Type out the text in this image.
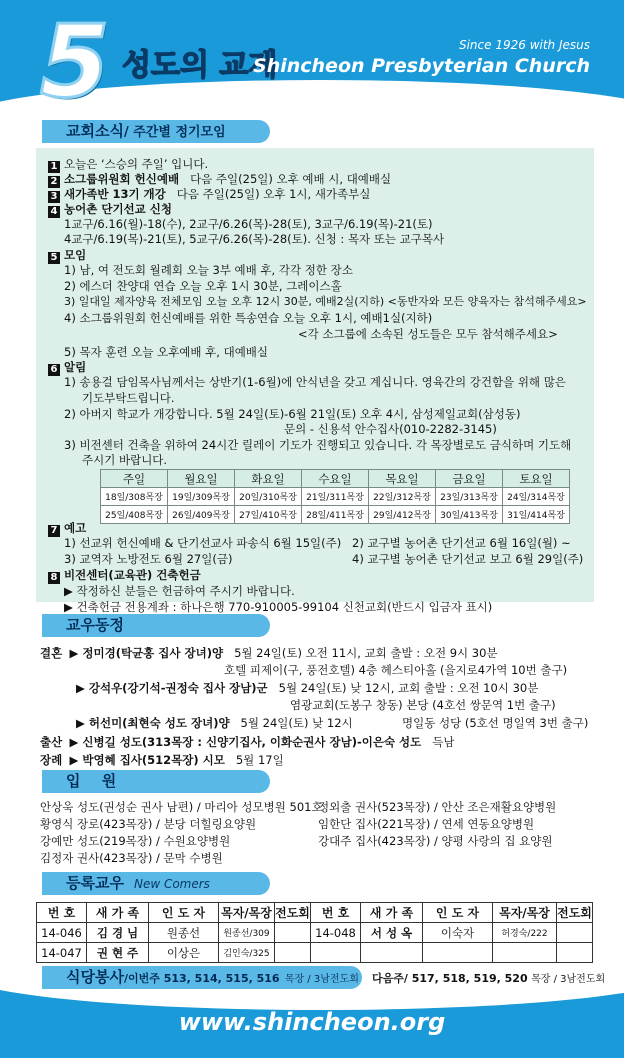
5 성도의 교제
Since 1926 with Jesus
Shincheon Presbyterian Church
교회소식/ 주간별 정기모임
1 오늘은 ‘스승의 주일’ 입니다.
2 소그룹위원회 헌신예배 다음 주일(25일) 오후 예배 시, 대예배실
3 새가족반 13기 개강 다음 주일(25일) 오후 1시, 새가족부실
4 농어촌 단기선교 신청
1교구/6.16(월)-18(수), 2교구/6.26(목)-28(토), 3교구/6.19(목)-21(토)
4교구/6.19(목)-21(토), 5교구/6.26(목)-28(토). 신청 : 목자 또는 교구목사
5 모임
1) 남, 여 전도회 월례회 오늘 3부 예배 후, 각각 정한 장소
2) 에스더 찬양대 연습 오늘 오후 1시 30분, 그레이스홀
3) 일대일 제자양육 전체모임 오늘 오후 12시 30분, 예배2실(지하) <동반자와 모든 양육자는 참석해주세요>
4) 소그룹위원회 헌신예배를 위한 특송연습 오늘 오후 1시, 예배1실(지하)
<각 소그룹에 소속된 성도들은 모두 참석해주세요>
5) 목자 훈련 오늘 오후예배 후, 대예배실
6 알림
1) 송용걸 담임목사님께서는 상반기(1-6월)에 안식년을 갖고 계십니다. 영육간의 강건함을 위해 많은
기도부탁드립니다.
2) 아버지 학교가 개강합니다. 5월 24일(토)-6월 21일(토) 오후 4시, 삼성제일교회(삼성동)
문의 - 신용석 안수집사(010-2282-3145)
3) 비전센터 건축을 위하여 24시간 릴레이 기도가 진행되고 있습니다. 각 목장별로도 금식하며 기도해
주시기 바랍니다.
주일	월요일	화요일	수요일	목요일	금요일	토요일
18일/308목장	19일/309목장	20일/310목장	21일/311목장	22일/312목장	23일/313목장	24일/314목장
25일/408목장	26일/409목장	27일/410목장	28일/411목장	29일/412목장	30일/413목장	31일/414목장
7 예고
1) 선교위 헌신예배 & 단기선교사 파송식 6월 15일(주) 2) 교구별 농어촌 단기선교 6월 16일(월) ~
3) 교역자 노방전도 6월 27일(금)	4) 교구별 농어촌 단기선교 보고 6월 29일(주)
8 비전센터(교육관) 건축헌금
▶ 작정하신 분들은 헌금하여 주시기 바랍니다.
▶ 건축헌금 전용계좌 : 하나은행 770-910005-99104 신천교회(반드시 입금자 표시)
교우동정
결혼 ▶ 정미경(탁균홍 집사 장녀)양 5월 24일(토) 오전 11시, 교회 출발 : 오전 9시 30분
호텔 피제이(구, 풍전호텔) 4층 헤스티아홀 (을지로4가역 10번 출구)
▶ 강석우(강기석-권정숙 집사 장남)군 5월 24일(토) 낮 12시, 교회 출발 : 오전 10시 30분
염광교회(도봉구 창동) 본당 (4호선 쌍문역 1번 출구)
▶ 허선미(최현숙 성도 장녀)양 5월 24일(토) 낮 12시	명일동 성당 (5호선 명일역 3번 출구)
출산 ▶ 신병길 성도(313목장 : 신양기집사, 이화순권사 장남)-이은숙 성도 득남
장례 ▶ 박영혜 집사(512목장) 시모 5월 17일
입 원
안상욱 성도(권성순 권사 남편) / 마리아 성모병원 501호
황영식 장로(423목장) / 분당 더힐링요양원
강예만 성도(219목장) / 수원요양병원
김정자 권사(423목장) / 문막 수병원
정외출 권사(523목장) / 안산 조은재활요양병원
임한단 집사(221목장) / 연세 연동요양병원
강대주 집사(423목장) / 양평 사랑의 집 요양원
등록교우 New Comers
번 호	새 가 족	인 도 자	목자/목장	전도회	번 호	새 가 족	인 도 자	목자/목장	전도회
14-046	김 경 님	원종선	원종선/309		14-048	서 성 옥	이숙자	허경숙/222	
14-047	권 현 주	이상은	김인숙/325						
식당봉사/이번주 513, 514, 515, 516 목장 / 3남전도회 다음주/ 517, 518, 519, 520 목장 / 3남전도회
www.shincheon.org
